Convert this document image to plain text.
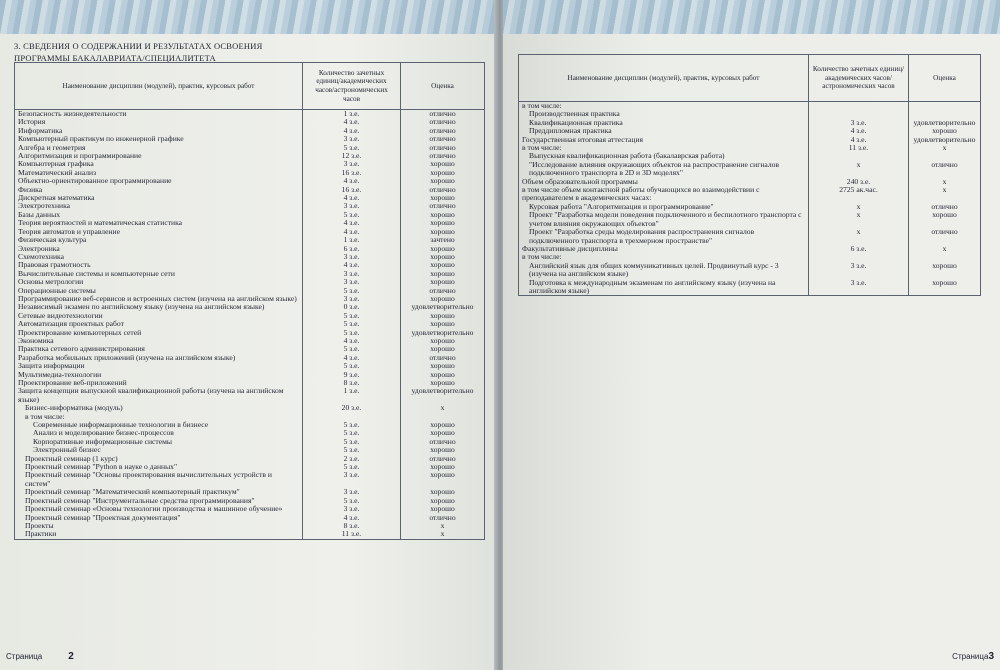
3. СВЕДЕНИЯ О СОДЕРЖАНИИ И РЕЗУЛЬТАТАХ ОСВОЕНИЯ
ПРОГРАММЫ БАКАЛАВРИАТА/СПЕЦИАЛИТЕТА
Наименование дисциплин (модулей), практик, курсовых работ	Количество зачетных единиц/академических часов/астрономических часов	Оценка
Безопасность жизнедеятельности	1 з.е.	отлично
История	4 з.е.	отлично
Информатика	4 з.е.	отлично
Компьютерный практикум по инженерной графике	3 з.е.	отлично
Алгебра и геометрия	5 з.е.	отлично
Алгоритмизация и программирование	12 з.е.	отлично
Компьютерная графика	3 з.е.	хорошо
Математический анализ	16 з.е.	хорошо
Объектно-ориентированное программирование	4 з.е.	хорошо
Физика	16 з.е.	отлично
Дискретная математика	4 з.е.	хорошо
Электротехника	3 з.е.	отлично
Базы данных	5 з.е.	хорошо
Теория вероятностей и математическая статистика	4 з.е.	хорошо
Теория автоматов и управление	4 з.е.	хорошо
Физическая культура	1 з.е.	зачтено
Электроника	6 з.е.	хорошо
Схемотехника	3 з.е.	хорошо
Правовая грамотность	4 з.е.	хорошо
Вычислительные системы и компьютерные сети	3 з.е.	хорошо
Основы метрологии	3 з.е.	хорошо
Операционные системы	5 з.е.	отлично
Программирование веб-сервисов и встроенных систем (изучена на английском языке)	3 з.е.	хорошо
Независимый экзамен по английскому языку (изучена на английском языке)	0 з.е.	удовлетворительно
Сетевые видеотехнологии	5 з.е.	хорошо
Автоматизация проектных работ	5 з.е.	хорошо
Проектирование компьютерных сетей	5 з.е.	удовлетворительно
Экономика	4 з.е.	хорошо
Практика сетевого администрирования	5 з.е.	хорошо
Разработка мобильных приложений (изучена на английском языке)	4 з.е.	отлично
Защита информации	5 з.е.	хорошо
Мультимедиа-технологии	9 з.е.	хорошо
Проектирование веб-приложений	8 з.е.	хорошо
Защита концепции выпускной квалификационной работы (изучена на английском языке)	1 з.е.	удовлетворительно
Бизнес-информатика (модуль)	20 з.е.	х
в том числе:		
Современные информационные технологии в бизнесе	5 з.е.	хорошо
Анализ и моделирование бизнес-процессов	5 з.е.	хорошо
Корпоративные информационные системы	5 з.е.	отлично
Электронный бизнес	5 з.е.	хорошо
Проектный семинар (1 курс)	2 з.е.	отлично
Проектный семинар "Python в науке о данных"	5 з.е.	хорошо
Проектный семинар "Основы проектирования вычислительных устройств и систем"	3 з.е.	хорошо
Проектный семинар "Математический компьютерный практикум"	3 з.е.	хорошо
Проектный семинар "Инструментальные средства программирования"	5 з.е.	хорошо
Проектный семинар «Основы технологии производства и машинное обучение»	3 з.е.	хорошо
Проектный семинар "Проектная документация"	4 з.е.	отлично
Проекты	8 з.е.	х
Практики	11 з.е.	х
Страница	2	Страница3
Наименование дисциплин (модулей), практик, курсовых работ	Количество зачетных единиц/академических часов/астрономических часов	Оценка
в том числе:		
Производственная практика		
Квалификационная практика	3 з.е.	удовлетворительно
Преддипломная практика	4 з.е.	хорошо
Государственная итоговая аттестация	4 з.е.	удовлетворительно
в том числе:	11 з.е.	х
Выпускная квалификационная работа (бакалаврская работа)		
"Исследование влияния окружающих объектов на распространение сигналов подключенного транспорта в 2D и 3D моделях"	х	отлично
Объем образовательной программы	240 з.е.	х
в том числе объем контактной работы обучающихся во взаимодействии с преподавателем в академических часах:	2725 ак.час.	х
Курсовая работа "Алгоритмизация и программирование"	х	отлично
Проект "Разработка модели поведения подключенного и беспилотного транспорта с учетом влияния окружающих объектов"	х	хорошо
Проект "Разработка среды моделирования распространения сигналов подключенного транспорта в трехмерном пространстве"	х	отлично
Факультативные дисциплины	6 з.е.	х
в том числе:		
Английский язык для общих коммуникативных целей. Продвинутый курс - 3 (изучена на английском языке)	3 з.е.	хорошо
Подготовка к международным экзаменам по английскому языку (изучена на английском языке)	3 з.е.	хорошо
